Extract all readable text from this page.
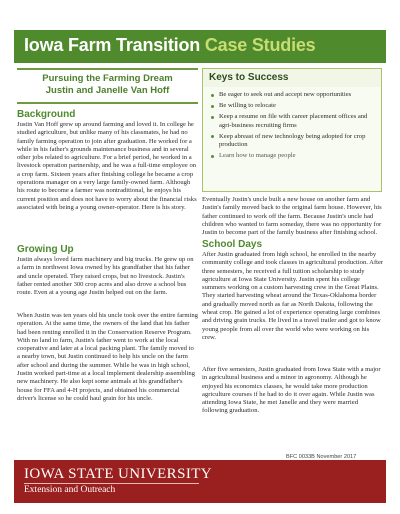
Iowa Farm Transition Case Studies
Pursuing the Farming Dream
Justin and Janelle Van Hoff
Keys to Success
Be eager to seek out and accept new opportunities
Be willing to relocate
Keep a resume on file with career placement offices and agri-business recruiting firms
Keep abreast of new technology being adopted for crop production
Learn how to manage people
Background
Justin Van Hoff grew up around farming and loved it. In college he studied agriculture, but unlike many of his classmates, he had no family farming operation to join after graduation. He worked for a while in his father's grounds maintenance business and in several other jobs related to agriculture. For a brief period, he worked in a livestock operation partnership, and he was a full-time employee on a crop farm. Sixteen years after finishing college he became a crop operations manager on a very large family-owned farm. Although his route to become a farmer was nontraditional, he enjoys his current position and does not have to worry about the financial risks associated with being a young owner-operator. Here is his story.
Growing Up
Justin always loved farm machinery and big trucks. He grew up on a farm in northwest Iowa owned by his grandfather that his father and uncle operated. They raised crops, but no livestock. Justin's father rented another 300 crop acres and also drove a school bus route. Even at a young age Justin helped out on the farm.
When Justin was ten years old his uncle took over the entire farming operation. At the same time, the owners of the land that his father had been renting enrolled it in the Conservation Reserve Program. With no land to farm, Justin's father went to work at the local cooperative and later at a local packing plant. The family moved to a nearby town, but Justin continued to help his uncle on the farm after school and during the summer. While he was in high school, Justin worked part-time at a local implement dealership assembling new machinery. He also kept some animals at his grandfather's house for FFA and 4-H projects, and obtained his commercial driver's license so he could haul grain for his uncle.
Eventually Justin's uncle built a new house on another farm and Justin's family moved back to the original farm house. However, his father continued to work off the farm. Because Justin's uncle had children who wanted to farm someday, there was no opportunity for Justin to become part of the family business after finishing school.
School Days
After Justin graduated from high school, he enrolled in the nearby community college and took classes in agricultural production. After three semesters, he received a full tuition scholarship to study agriculture at Iowa State University. Justin spent his college summers working on a custom harvesting crew in the Great Plains. They started harvesting wheat around the Texas-Oklahoma border and gradually moved north as far as North Dakota, following the wheat crop. He gained a lot of experience operating large combines and driving grain trucks. He lived in a travel trailer and got to know young people from all over the world who were working on his crew.
After five semesters, Justin graduated from Iowa State with a major in agricultural business and a minor in agronomy. Although he enjoyed his economics classes, he would take more production agriculture courses if he had to do it over again. While Justin was attending Iowa State, he met Janelle and they were married following graduation.
BFC 0033B November 2017
IOWA STATE UNIVERSITY
Extension and Outreach
